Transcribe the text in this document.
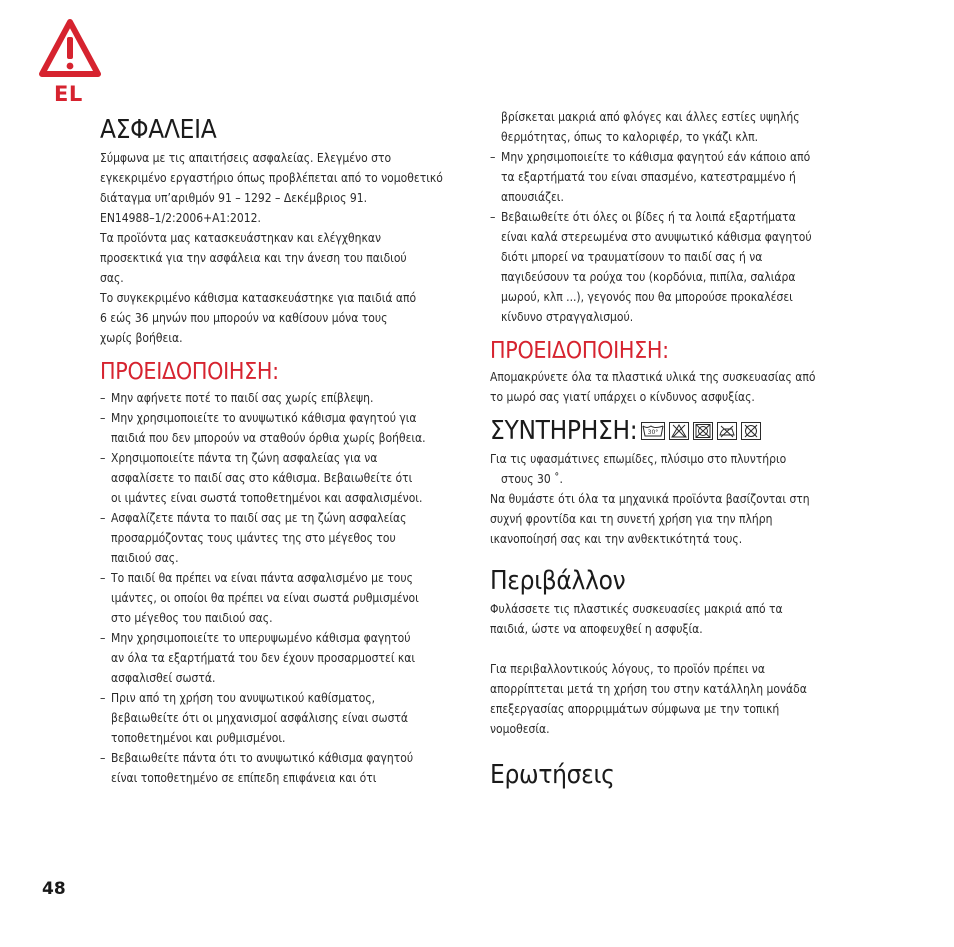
EL
ΑΣΦΑΛΕΙΑ

Σύμφωνα με τις απαιτήσεις ασφαλείας. Ελεγμένο στο

εγκεκριμένο εργαστήριο όπως προβλέπεται από το νομοθετικό

διάταγμα υπ’αριθμόν 91 – 1292 – Δεκέμβριος 91.

EN14988–1/2:2006+A1:2012.

Τα προϊόντα μας κατασκευάστηκαν και ελέγχθηκαν

προσεκτικά για την ασφάλεια και την άνεση του παιδιού

σας.

Το συγκεκριμένο κάθισμα κατασκευάστηκε για παιδιά από

6 εώς 36 μηνών που μπορούν να καθίσουν μόνα τους

χωρίς βοήθεια.

ΠΡΟΕΙΔΟΠΟΙΗΣΗ:
– Μην αφήνετε ποτέ το παιδί σας χωρίς επίβλεψη.
– Μην χρησιμοποιείτε το ανυψωτικό κάθισμα φαγητού για
παιδιά που δεν μπορούν να σταθούν όρθια χωρίς βοήθεια.
– Χρησιμοποιείτε πάντα τη ζώνη ασφαλείας για να
ασφαλίσετε το παιδί σας στο κάθισμα. Βεβαιωθείτε ότι
οι ιμάντες είναι σωστά τοποθετημένοι και ασφαλισμένοι.
– Ασφαλίζετε πάντα το παιδί σας με τη ζώνη ασφαλείας
προσαρμόζοντας τους ιμάντες της στο μέγεθος του
παιδιού σας.
– Το παιδί θα πρέπει να είναι πάντα ασφαλισμένο με τους
ιμάντες, οι οποίοι θα πρέπει να είναι σωστά ρυθμισμένοι
στο μέγεθος του παιδιού σας.
– Μην χρησιμοποιείτε το υπερυψωμένο κάθισμα φαγητού
αν όλα τα εξαρτήματά του δεν έχουν προσαρμοστεί και
ασφαλισθεί σωστά.
– Πριν από τη χρήση του ανυψωτικού καθίσματος,
βεβαιωθείτε ότι οι μηχανισμοί ασφάλισης είναι σωστά
τοποθετημένοι και ρυθμισμένοι.
– Βεβαιωθείτε πάντα ότι το ανυψωτικό κάθισμα φαγητού
είναι τοποθετημένο σε επίπεδη επιφάνεια και ότι
βρίσκεται μακριά από φλόγες και άλλες εστίες υψηλής
θερμότητας, όπως το καλοριφέρ, το γκάζι κλπ.
– Μην χρησιμοποιείτε το κάθισμα φαγητού εάν κάποιο από
τα εξαρτήματά του είναι σπασμένο, κατεστραμμένο ή
απουσιάζει.
– Βεβαιωθείτε ότι όλες οι βίδες ή τα λοιπά εξαρτήματα
είναι καλά στερεωμένα στο ανυψωτικό κάθισμα φαγητού
διότι μπορεί να τραυματίσουν το παιδί σας ή να
παγιδεύσουν τα ρούχα του (κορδόνια, πιπίλα, σαλιάρα
μωρού, κλπ ...), γεγονός που θα μπορούσε προκαλέσει
κίνδυνο στραγγαλισμού.
ΠΡΟΕΙΔΟΠΟΙΗΣΗ:

Απομακρύνετε όλα τα πλαστικά υλικά της συσκευασίας από

το μωρό σας γιατί υπάρχει ο κίνδυνος ασφυξίας.

ΣΥΝΤΗΡΗΣΗ: 30°

Για τις υφασμάτινες επωμίδες, πλύσιμο στο πλυντήριο

στους 30 ˚.

Να θυμάστε ότι όλα τα μηχανικά προϊόντα βασίζονται στη

συχνή φροντίδα και τη συνετή χρήση για την πλήρη

ικανοποίησή σας και την ανθεκτικότητά τους.

Περιβάλλον

Φυλάσσετε τις πλαστικές συσκευασίες μακριά από τα

παιδιά, ώστε να αποφευχθεί η ασφυξία.

Για περιβαλλοντικούς λόγους, το προϊόν πρέπει να

απορρίπτεται μετά τη χρήση του στην κατάλληλη μονάδα

επεξεργασίας απορριμμάτων σύμφωνα με την τοπική

νομοθεσία.

Ερωτήσεις
48
